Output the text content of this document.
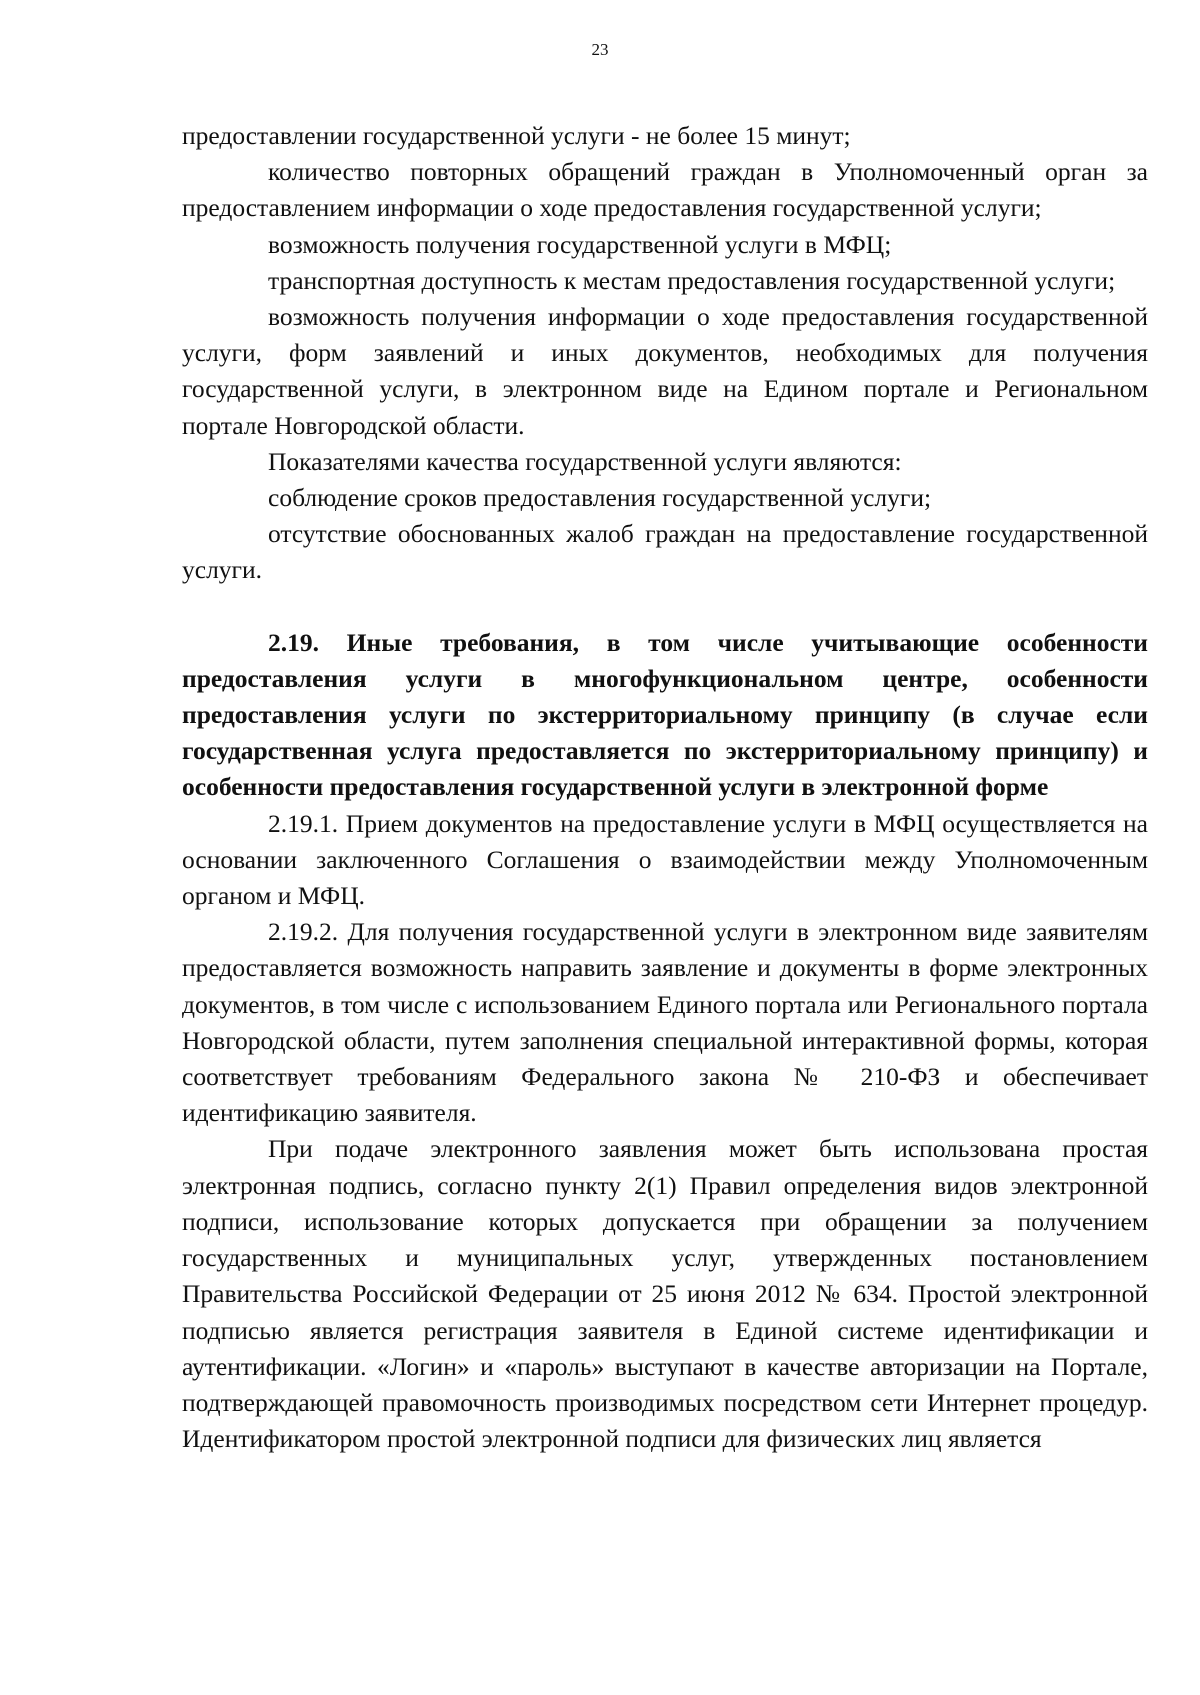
23

предоставлении государственной услуги - не более 15 минут;

количество повторных обращений граждан в Уполномоченный орган за предоставлением информации о ходе предоставления государственной услуги;

возможность получения государственной услуги в МФЦ;

транспортная доступность к местам предоставления государственной услуги;

возможность получения информации о ходе предоставления государственной услуги, форм заявлений и иных документов, необходимых для получения государственной услуги, в электронном виде на Едином портале и Региональном портале Новгородской области.

Показателями качества государственной услуги являются:

соблюдение сроков предоставления государственной услуги;

отсутствие обоснованных жалоб граждан на предоставление государственной услуги.

2.19. Иные требования, в том числе учитывающие особенности предоставления услуги в многофункциональном центре, особенности предоставления услуги по экстерриториальному принципу (в случае если государственная услуга предоставляется по экстерриториальному принципу) и особенности предоставления государственной услуги в электронной форме

2.19.1. Прием документов на предоставление услуги в МФЦ осуществляется на основании заключенного Соглашения о взаимодействии между Уполномоченным органом и МФЦ.

2.19.2. Для получения государственной услуги в электронном виде заявителям предоставляется возможность направить заявление и документы в форме электронных документов, в том числе с использованием Единого портала или Регионального портала Новгородской области, путем заполнения специальной интерактивной формы, которая соответствует требованиям Федерального закона № 210-ФЗ и обеспечивает идентификацию заявителя.

При подаче электронного заявления может быть использована простая электронная подпись, согласно пункту 2(1) Правил определения видов электронной подписи, использование которых допускается при обращении за получением государственных и муниципальных услуг, утвержденных постановлением Правительства Российской Федерации от 25 июня 2012 № 634. Простой электронной подписью является регистрация заявителя в Единой системе идентификации и аутентификации. «Логин» и «пароль» выступают в качестве авторизации на Портале, подтверждающей правомочность производимых посредством сети Интернет процедур. Идентификатором простой электронной подписи для физических лиц является
